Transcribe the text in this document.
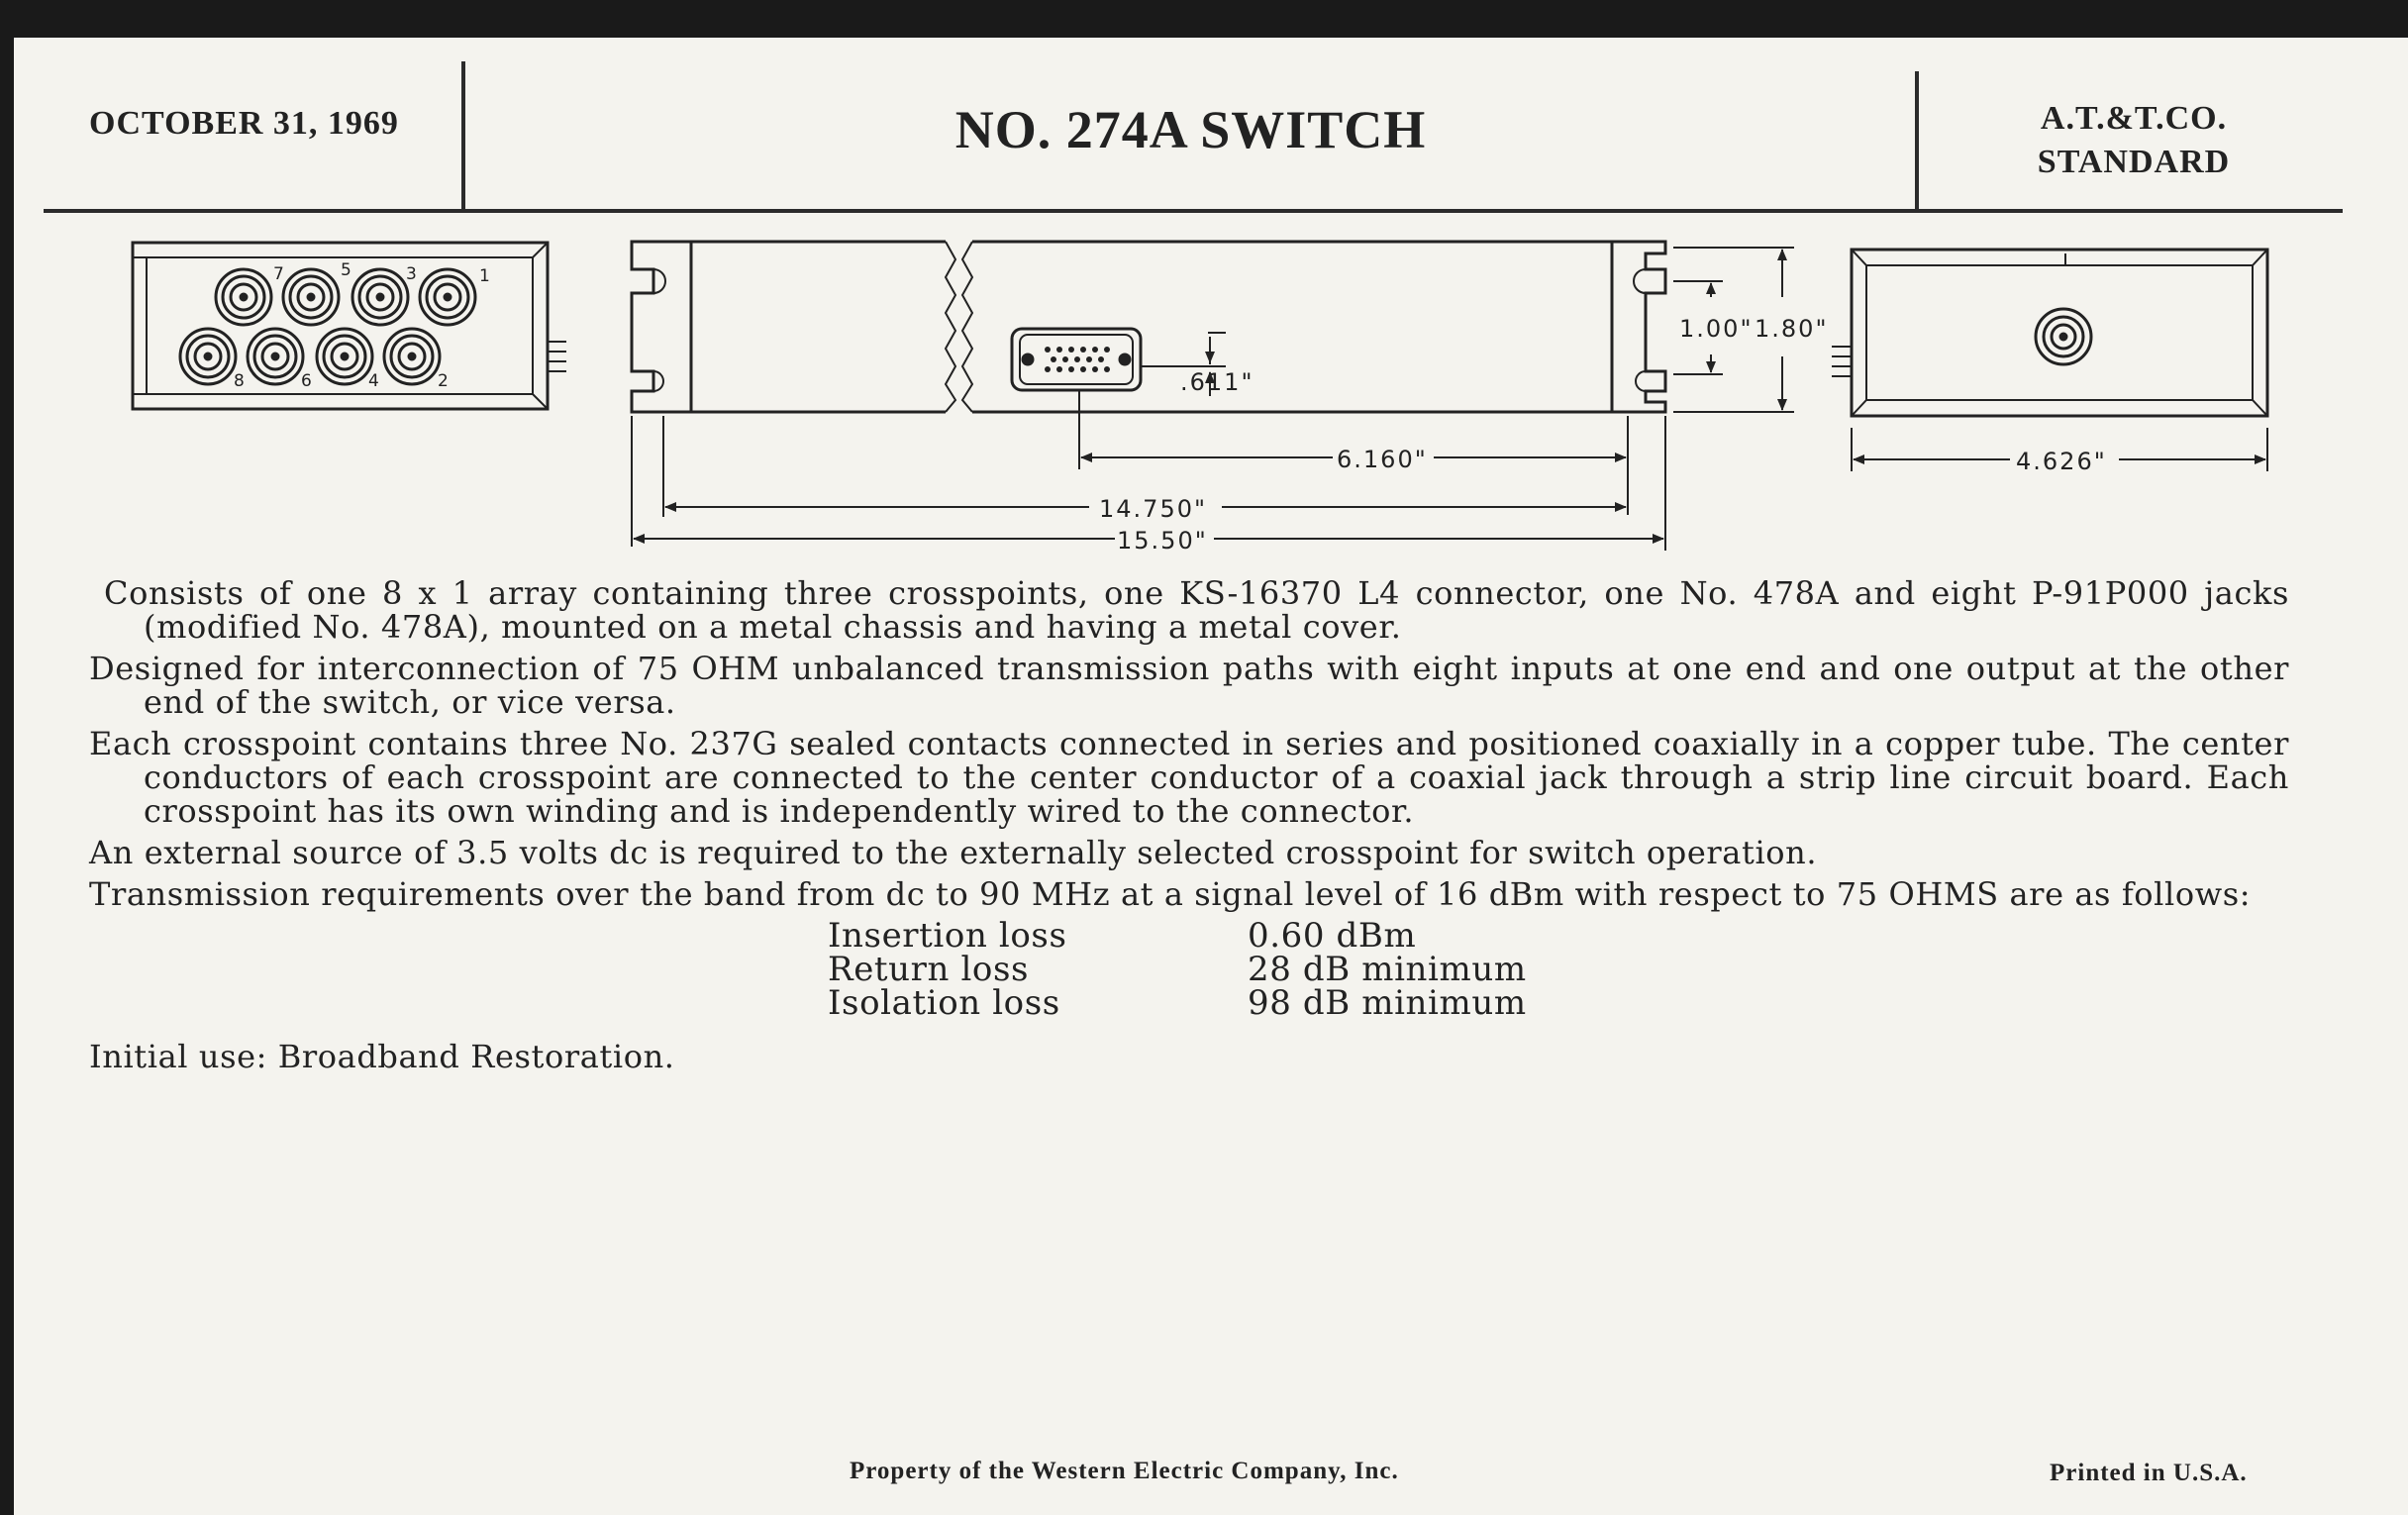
OCTOBER 31, 1969	NO. 274A SWITCH	A.T.&T.CO.
STANDARD
7	5	3	1
8	6	4	2	.611"
1.00" 1.80"
6.160"
14.750"
15.50"
4.626"

Consists of one 8 x 1 array containing three crosspoints, one KS-16370 L4 connector, one No. 478A and eight P-91P000 jacks (modified No. 478A), mounted on a metal chassis and having a metal cover.

Designed for interconnection of 75 OHM unbalanced transmission paths with eight inputs at one end and one output at the other end of the switch, or vice versa.

Each crosspoint contains three No. 237G sealed contacts connected in series and positioned coaxially in a copper tube. The center conductors of each crosspoint are connected to the center conductor of a coaxial jack through a strip line circuit board. Each crosspoint has its own winding and is independently wired to the connector.

An external source of 3.5 volts dc is required to the externally selected crosspoint for switch operation.

Transmission requirements over the band from dc to 90 MHz at a signal level of 16 dBm with respect to 75 OHMS are as follows:

Insertion loss	0.60 dBm
Return loss	28 dB minimum
Isolation loss	98 dB minimum
Initial use: Broadband Restoration.
Property of the Western Electric Company, Inc.	Printed in U.S.A.
